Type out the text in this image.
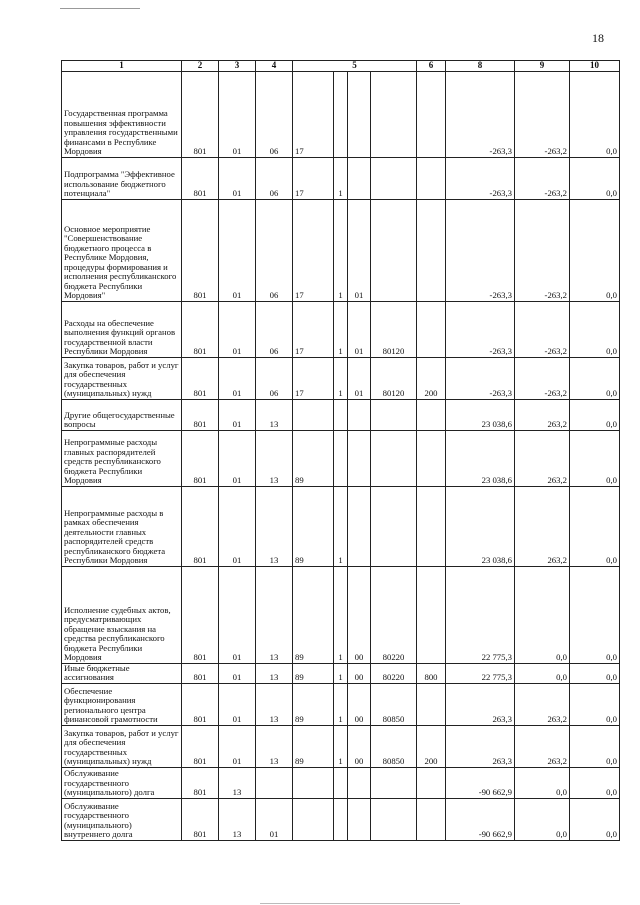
18
1	2	3	4	5				6	8	9	10
Государственная программа повышения эффективности управления государственными финансами в Республике Мордовия	801	01	06	17					-263,3	-263,2	0,0
Подпрограмма "Эффективное использование бюджетного потенциала"	801	01	06	17	1				-263,3	-263,2	0,0
Основное мероприятие "Совершенствование бюджетного процесса в Республике Мордовия, процедуры формирования и исполнения республиканского бюджета Республики Мордовия"	801	01	06	17	1	01			-263,3	-263,2	0,0
Расходы на обеспечение выполнения функций органов государственной власти Республики Мордовия	801	01	06	17	1	01	80120		-263,3	-263,2	0,0
Закупка товаров, работ и услуг для обеспечения государственных (муниципальных) нужд	801	01	06	17	1	01	80120	200	-263,3	-263,2	0,0
Другие общегосударственные вопросы	801	01	13						23 038,6	263,2	0,0
Непрограммные расходы главных распорядителей средств республиканского бюджета Республики Мордовия	801	01	13	89					23 038,6	263,2	0,0
Непрограммные расходы в рамках обеспечения деятельности главных распорядителей средств республиканского бюджета Республики Мордовия	801	01	13	89	1				23 038,6	263,2	0,0
Исполнение судебных актов, предусматривающих обращение взыскания на средства республиканского бюджета Республики Мордовия	801	01	13	89	1	00	80220		22 775,3	0,0	0,0
Иные бюджетные ассигнования	801	01	13	89	1	00	80220	800	22 775,3	0,0	0,0
Обеспечение функционирования регионального центра финансовой грамотности	801	01	13	89	1	00	80850		263,3	263,2	0,0
Закупка товаров, работ и услуг для обеспечения государственных (муниципальных) нужд	801	01	13	89	1	00	80850	200	263,3	263,2	0,0
Обслуживание государственного (муниципального) долга	801	13							-90 662,9	0,0	0,0
Обслуживание государственного (муниципального) внутреннего долга	801	13	01						-90 662,9	0,0	0,0
